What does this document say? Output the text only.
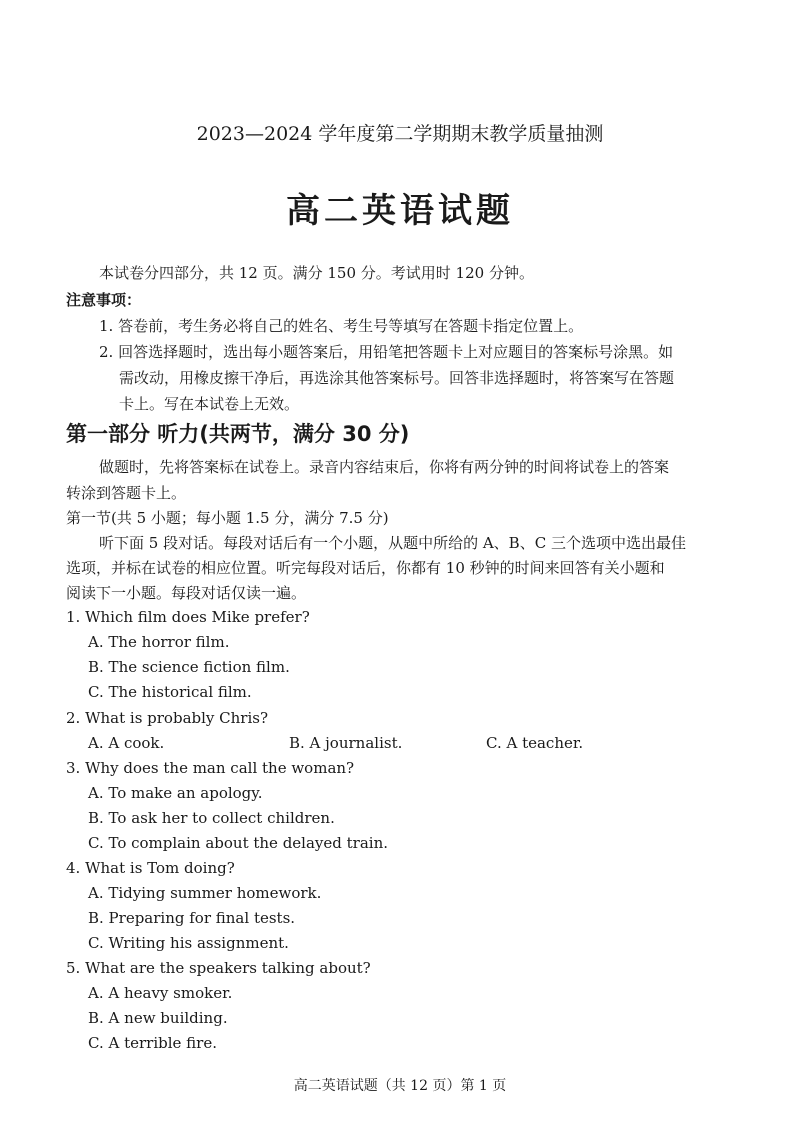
2023—2024 学年度第二学期期末教学质量抽测
高二英语试题
本试卷分四部分，共 12 页。满分 150 分。考试用时 120 分钟。
注意事项：
1. 答卷前，考生务必将自己的姓名、考生号等填写在答题卡指定位置上。
2. 回答选择题时，选出每小题答案后，用铅笔把答题卡上对应题目的答案标号涂黑。如
需改动，用橡皮擦干净后，再选涂其他答案标号。回答非选择题时，将答案写在答题
卡上。写在本试卷上无效。
第一部分 听力(共两节，满分 30 分)
做题时，先将答案标在试卷上。录音内容结束后，你将有两分钟的时间将试卷上的答案
转涂到答题卡上。
第一节(共 5 小题；每小题 1.5 分，满分 7.5 分)
听下面 5 段对话。每段对话后有一个小题，从题中所给的 A、B、C 三个选项中选出最佳
选项，并标在试卷的相应位置。听完每段对话后，你都有 10 秒钟的时间来回答有关小题和
阅读下一小题。每段对话仅读一遍。
1. Which film does Mike prefer?
A. The horror film.
B. The science fiction film.
C. The historical film.
2. What is probably Chris?
A. A cook.	B. A journalist.	C. A teacher.
3. Why does the man call the woman?
A. To make an apology.
B. To ask her to collect children.
C. To complain about the delayed train.
4. What is Tom doing?
A. Tidying summer homework.
B. Preparing for final tests.
C. Writing his assignment.
5. What are the speakers talking about?
A. A heavy smoker.
B. A new building.
C. A terrible fire.
高二英语试题（共 12 页）第 1 页
